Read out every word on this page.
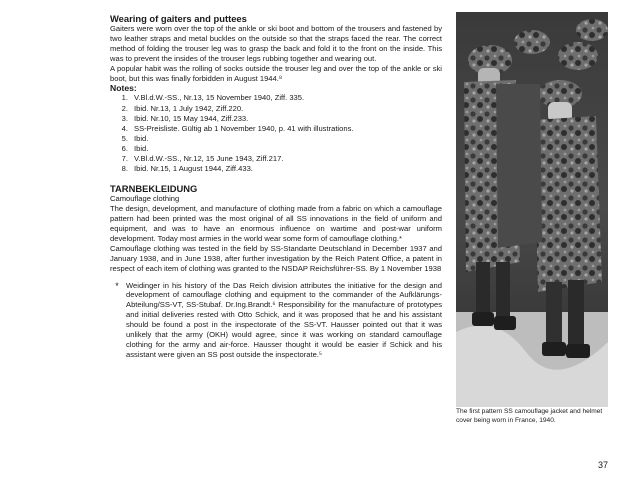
Wearing of gaiters and puttees

Gaiters were worn over the top of the ankle or ski boot and bottom of the trousers and fastened by two leather straps and metal buckles on the outside so that the straps faced the rear. The correct method of folding the trouser leg was to grasp the back and fold it to the front on the inside. This was to prevent the insides of the trouser legs rubbing together and wearing out.

A popular habit was the rolling of socks outside the trouser leg and over the top of the ankle or ski boot, but this was finally forbidden in August 1944.⁸

Notes:

1. V.Bl.d.W.-SS., Nr.13, 15 November 1940, Ziff. 335.
2. Ibid. Nr.13, 1 July 1942, Ziff.220.
3. Ibid. Nr.10, 15 May 1944, Ziff.233.
4. SS-Preisliste. Gültig ab 1 November 1940, p. 41 with illustrations.
5. Ibid.
6. Ibid.
7. V.Bl.d.W.-SS., Nr.12, 15 June 1943, Ziff.217.
8. Ibid. Nr.15, 1 August 1944, Ziff.433.

TARNBEKLEIDUNG

Camouflage clothing

The design, development, and manufacture of clothing made from a fabric on which a camouflage pattern had been printed was the most original of all SS innovations in the field of uniform and equipment, and was to have an enormous influence on wartime and post-war uniform development. Today most armies in the world wear some form of camouflage clothing.*

Camouflage clothing was tested in the field by SS-Standarte Deutschland in December 1937 and January 1938, and in June 1938, after further investigation by the Reich Patent Office, a patent in respect of each item of clothing was granted to the NSDAP Reichsführer-SS. By 1 November 1938

* Weidinger in his history of the Das Reich division attributes the initiative for the design and development of camouflage clothing and equipment to the commander of the Aufklärungs-Abteilung/SS-VT, SS-Stubaf. Dr.Ing.Brandt.⁶ Responsibility for the manufacture of prototypes and initial deliveries rested with Otto Schick, and it was proposed that he and his assistant should be found a post in the inspectorate of the SS-VT. Hausser pointed out that it was unlikely that the army (OKH) would agree, since it was working on standard camouflage clothing for the army and air-force. Hausser thought it would be easier if Schick and his assistant were given an SS post outside the inspectorate.⁵

The first pattern SS camouflage jacket and helmet cover being worn in France, 1940.

37
